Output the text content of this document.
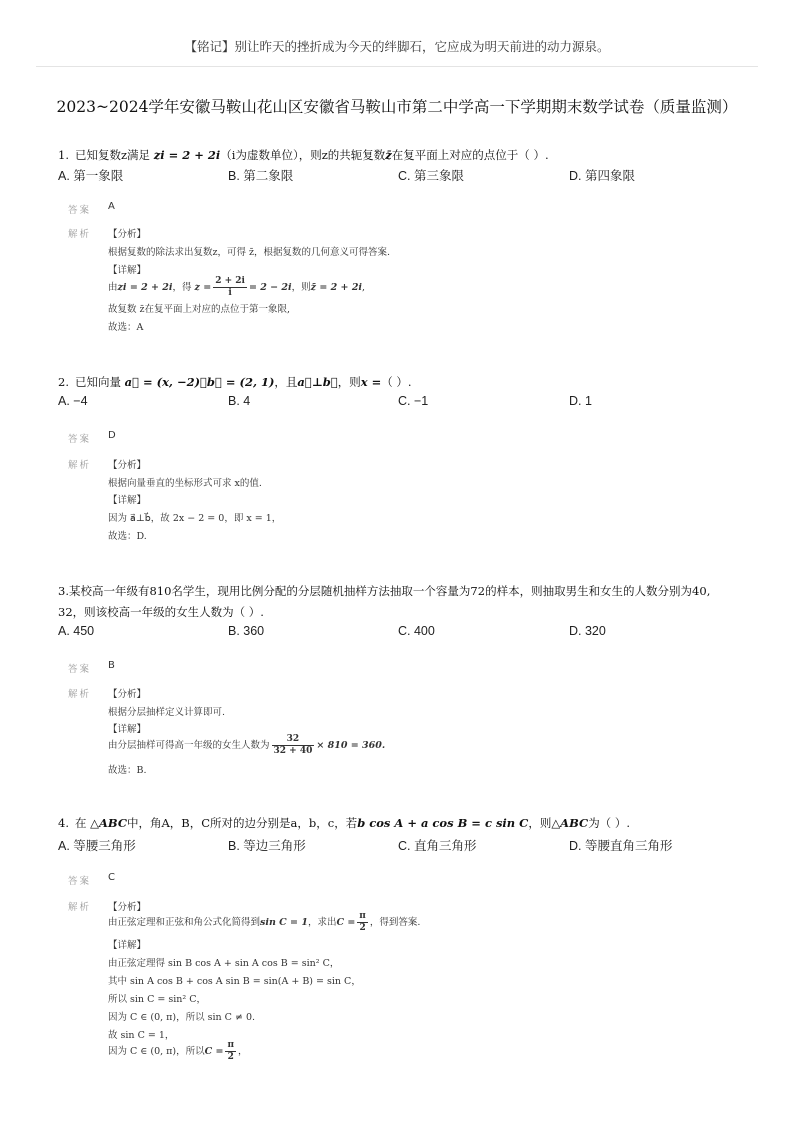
【铭记】别让昨天的挫折成为今天的绊脚石，它应成为明天前进的动力源泉。
2023~2024学年安徽马鞍山花山区安徽省马鞍山市第二中学高一下学期期末数学试卷（质量监测）
1. 已知复数z满足 zi = 2 + 2i（i为虚数单位），则z的共轭复数z̄在复平面上对应的点位于（ ）.
A. 第一象限	B. 第二象限	C. 第三象限	D. 第四象限
答案 A
解析 【分析】
根据复数的除法求出复数z，可得 z̄，根据复数的几何意义可得答案.
【详解】
由zi = 2 + 2i，得 $z = \frac{2 + 2i}{i} = 2 - 2i$，则z̄ = 2 + 2i,
故复数 z̄在复平面上对应的点位于第一象限,
故选：A
2. 已知向量 a⃗ = (x, −2)，b⃗ = (2, 1)，且a⃗⊥b⃗，则x =（ ）.
A. −4	B. 4	C. −1	D. 1
答案 D
解析 【分析】
根据向量垂直的坐标形式可求 x的值.
【详解】
因为 a⃗⊥b⃗，故 2x − 2 = 0，即 x = 1，
故选：D.
3.某校高一年级有810名学生，现用比例分配的分层随机抽样方法抽取一个容量为72的样本，则抽取男生和女生的人数分别为40,
32，则该校高一年级的女生人数为（ ）.
A. 450	B. 360	C. 400	D. 320
答案 B
解析 【分析】
根据分层抽样定义计算即可.
【详解】
由分层抽样可得高一年级的女生人数为 $\frac{32}{32 + 40} \times 810 = 360$.
故选：B.
4. 在 △ABC中，角A，B，C所对的边分别是a，b，c，若b cos A + a cos B = c sin C，则△ABC为（ ）.
A. 等腰三角形	B. 等边三角形	C. 直角三角形	D. 等腰直角三角形
答案 C
解析 【分析】
由正弦定理和正弦和角公式化简得到sin C = 1，求出$C = \frac{\pi}{2}$ ，得到答案.
【详解】
由正弦定理得 sin B cos A + sin A cos B = sin² C，
其中 sin A cos B + cos A sin B = sin(A + B) = sin C，
所以 sin C = sin² C，
因为 C ∈ (0, π)，所以 sin C ≠ 0.
故 sin C = 1，
因为 C ∈ (0, π)，所以$C = \frac{\pi}{2}$ ，
